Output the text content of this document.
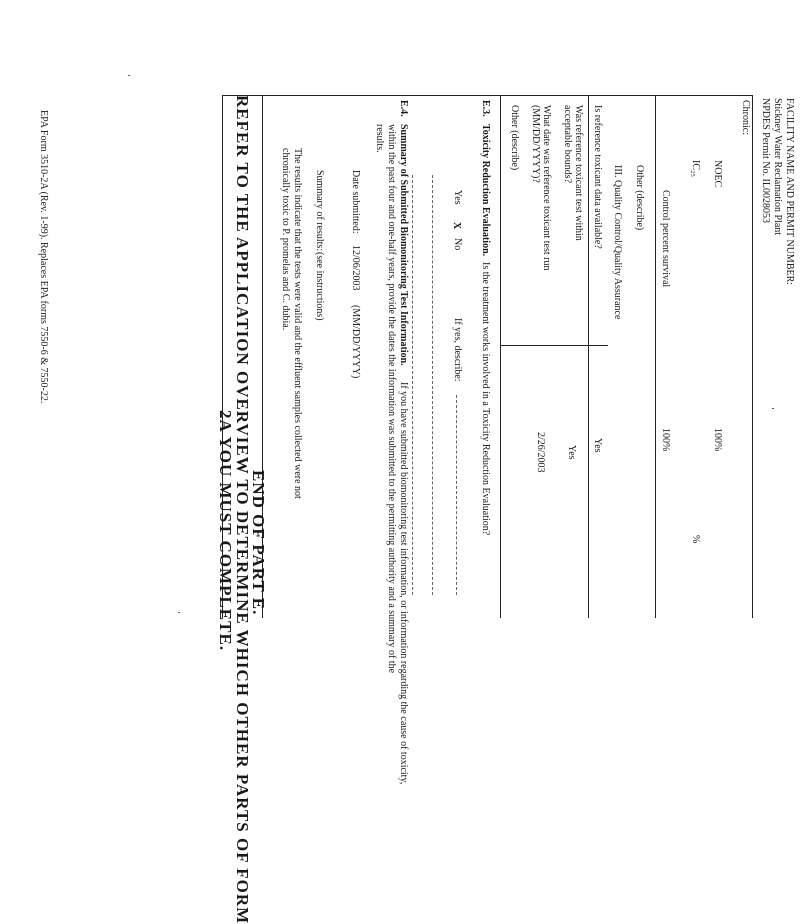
FACILITY NAME AND PERMIT NUMBER:
Stickney Water Reclamation Plant
NPDES Permit No. IL0028053
Chronic:
NOEC
100%
IC₂₅
%
Control percent survival
100%
Other (describe)
III. Quality Control/Quality Assurance
Is reference toxicant data available?
Yes
Was reference toxicant test within
acceptable bounds?
Yes
What date was reference toxicant test run
(MM/DD/YYYY)?
2/26/2003
Other (describe)
E.3.
Toxicity Reduction Evaluation.
Is the treatment works involved in a Toxicity Reduction Evaluation?
Yes
X
No
If yes, describe:
E.4.
Summary of Submitted Biomonitoring Test Information.
If you have submitted biomonitoring test information, or information regarding the cause of toxicity,
within the past four and one-half years, provide the dates the information was submitted to the permitting authority and a summary of the
results.
Date submitted:
12/06/2003
(MM/DD/YYYY)
Summary of results:
(see instructions)
The results indicate that the tests were valid and the effluent samples collected were not
chronically toxic to P. promelas and C. dubia.
END OF PART E.
REFER TO THE APPLICATION OVERVIEW TO DETERMINE WHICH OTHER PARTS OF FORM
2A YOU MUST COMPLETE.
EPA Form 3510-2A (Rev. 1-99). Replaces EPA forms 7550-6 & 7550-22.
